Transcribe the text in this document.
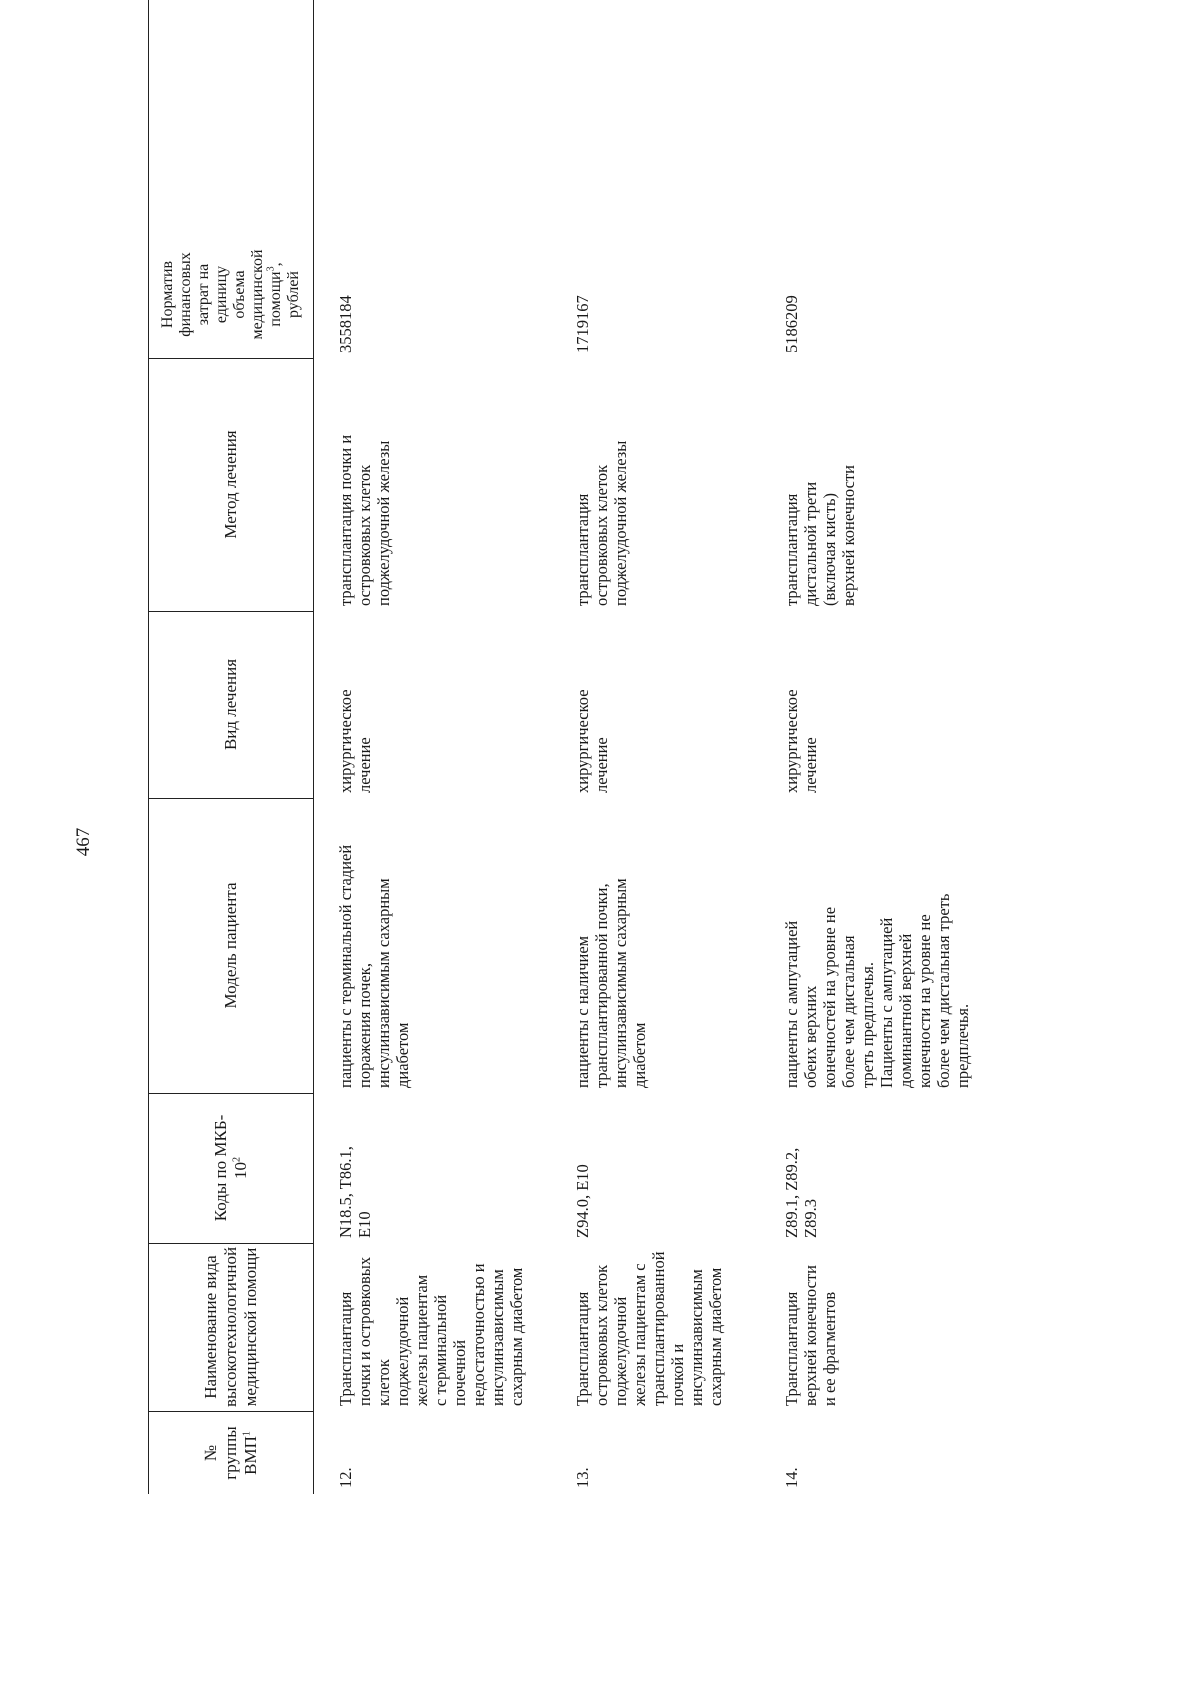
467
№
группы
ВМП$^1$
Наименование вида
высокотехнологичной
медицинской помощи
Коды по МКБ-
$10^2$
Модель пациента
Вид лечения
Метод лечения
Норматив
финансовых
затрат на
единицу
объема
медицинской
помощи$^3$,
рублей
12.
Трансплантация
почки и островковых
клеток
поджелудочной
железы пациентам
с терминальной
почечной
недостаточностью и
инсулинзависимым
сахарным диабетом
N18.5, T86.1,
E10
пациенты с терминальной стадией
поражения почек,
инсулинзависимым сахарным
диабетом
хирургическое
лечение
трансплантация почки и
островковых клеток
поджелудочной железы
3558184
13.
Трансплантация
островковых клеток
поджелудочной
железы пациентам с
трансплантированной
почкой и
инсулинзависимым
сахарным диабетом
Z94.0, E10
пациенты с наличием
трансплантированной почки,
инсулинзависимым сахарным
диабетом
хирургическое
лечение
трансплантация
островковых клеток
поджелудочной железы
1719167
14.
Трансплантация
верхней конечности
и ее фрагментов
Z89.1, Z89.2,
Z89.3
пациенты с ампутацией
обеих верхних
конечностей на уровне не
более чем дистальная
треть предплечья.
Пациенты с ампутацией
доминантной верхней
конечности на уровне не
более чем дистальная треть
предплечья.
хирургическое
лечение
трансплантация
дистальной трети
(включая кисть)
верхней конечности
5186209
